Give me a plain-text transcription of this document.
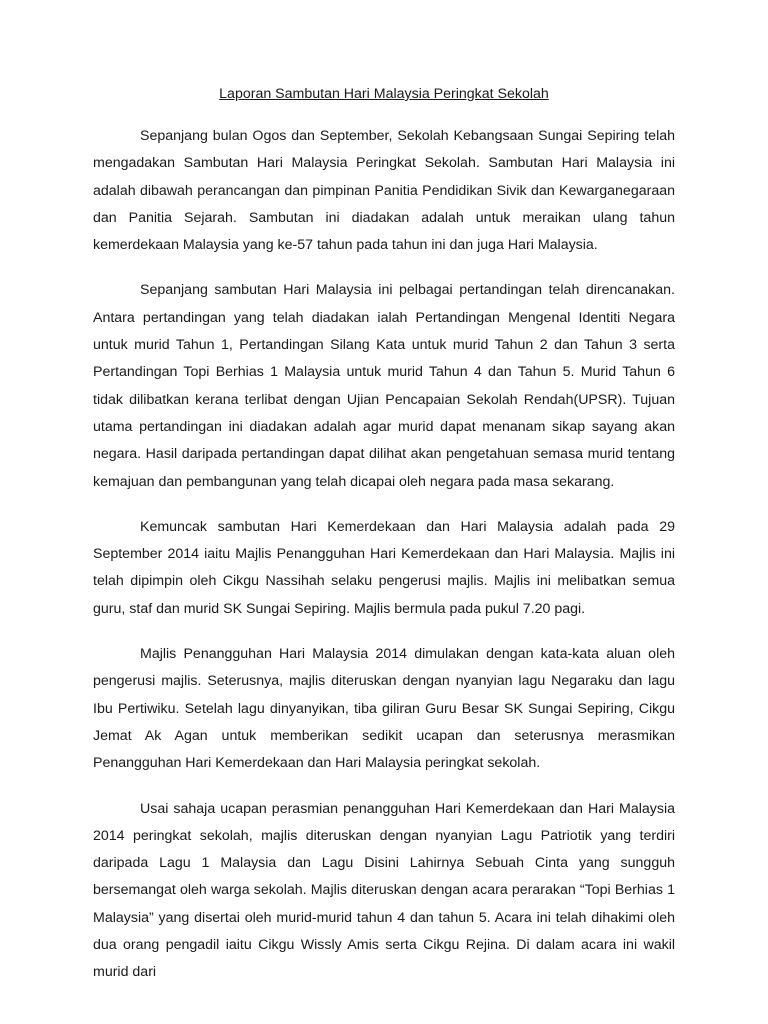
Laporan Sambutan Hari Malaysia Peringkat Sekolah

Sepanjang bulan Ogos dan September, Sekolah Kebangsaan Sungai Sepiring telah mengadakan Sambutan Hari Malaysia Peringkat Sekolah. Sambutan Hari Malaysia ini adalah dibawah perancangan dan pimpinan Panitia Pendidikan Sivik dan Kewarganegaraan dan Panitia Sejarah. Sambutan ini diadakan adalah untuk meraikan ulang tahun kemerdekaan Malaysia yang ke-57 tahun pada tahun ini dan juga Hari Malaysia.

Sepanjang sambutan Hari Malaysia ini pelbagai pertandingan telah direncanakan. Antara pertandingan yang telah diadakan ialah Pertandingan Mengenal Identiti Negara untuk murid Tahun 1, Pertandingan Silang Kata untuk murid Tahun 2 dan Tahun 3 serta Pertandingan Topi Berhias 1 Malaysia untuk murid Tahun 4 dan Tahun 5. Murid Tahun 6 tidak dilibatkan kerana terlibat dengan Ujian Pencapaian Sekolah Rendah(UPSR). Tujuan utama pertandingan ini diadakan adalah agar murid dapat menanam sikap sayang akan negara. Hasil daripada pertandingan dapat dilihat akan pengetahuan semasa murid tentang kemajuan dan pembangunan yang telah dicapai oleh negara pada masa sekarang.

Kemuncak sambutan Hari Kemerdekaan dan Hari Malaysia adalah pada 29 September 2014 iaitu Majlis Penangguhan Hari Kemerdekaan dan Hari Malaysia. Majlis ini telah dipimpin oleh Cikgu Nassihah selaku pengerusi majlis. Majlis ini melibatkan semua guru, staf dan murid SK Sungai Sepiring. Majlis bermula pada pukul 7.20 pagi.

Majlis Penangguhan Hari Malaysia 2014 dimulakan dengan kata-kata aluan oleh pengerusi majlis. Seterusnya, majlis diteruskan dengan nyanyian lagu Negaraku dan lagu Ibu Pertiwiku. Setelah lagu dinyanyikan, tiba giliran Guru Besar SK Sungai Sepiring, Cikgu Jemat Ak Agan untuk memberikan sedikit ucapan dan seterusnya merasmikan Penangguhan Hari Kemerdekaan dan Hari Malaysia peringkat sekolah.

Usai sahaja ucapan perasmian penangguhan Hari Kemerdekaan dan Hari Malaysia 2014 peringkat sekolah, majlis diteruskan dengan nyanyian Lagu Patriotik yang terdiri daripada Lagu 1 Malaysia dan Lagu Disini Lahirnya Sebuah Cinta yang sungguh bersemangat oleh warga sekolah. Majlis diteruskan dengan acara perarakan “Topi Berhias 1 Malaysia” yang disertai oleh murid-murid tahun 4 dan tahun 5. Acara ini telah dihakimi oleh dua orang pengadil iaitu Cikgu Wissly Amis serta Cikgu Rejina. Di dalam acara ini wakil murid dari
